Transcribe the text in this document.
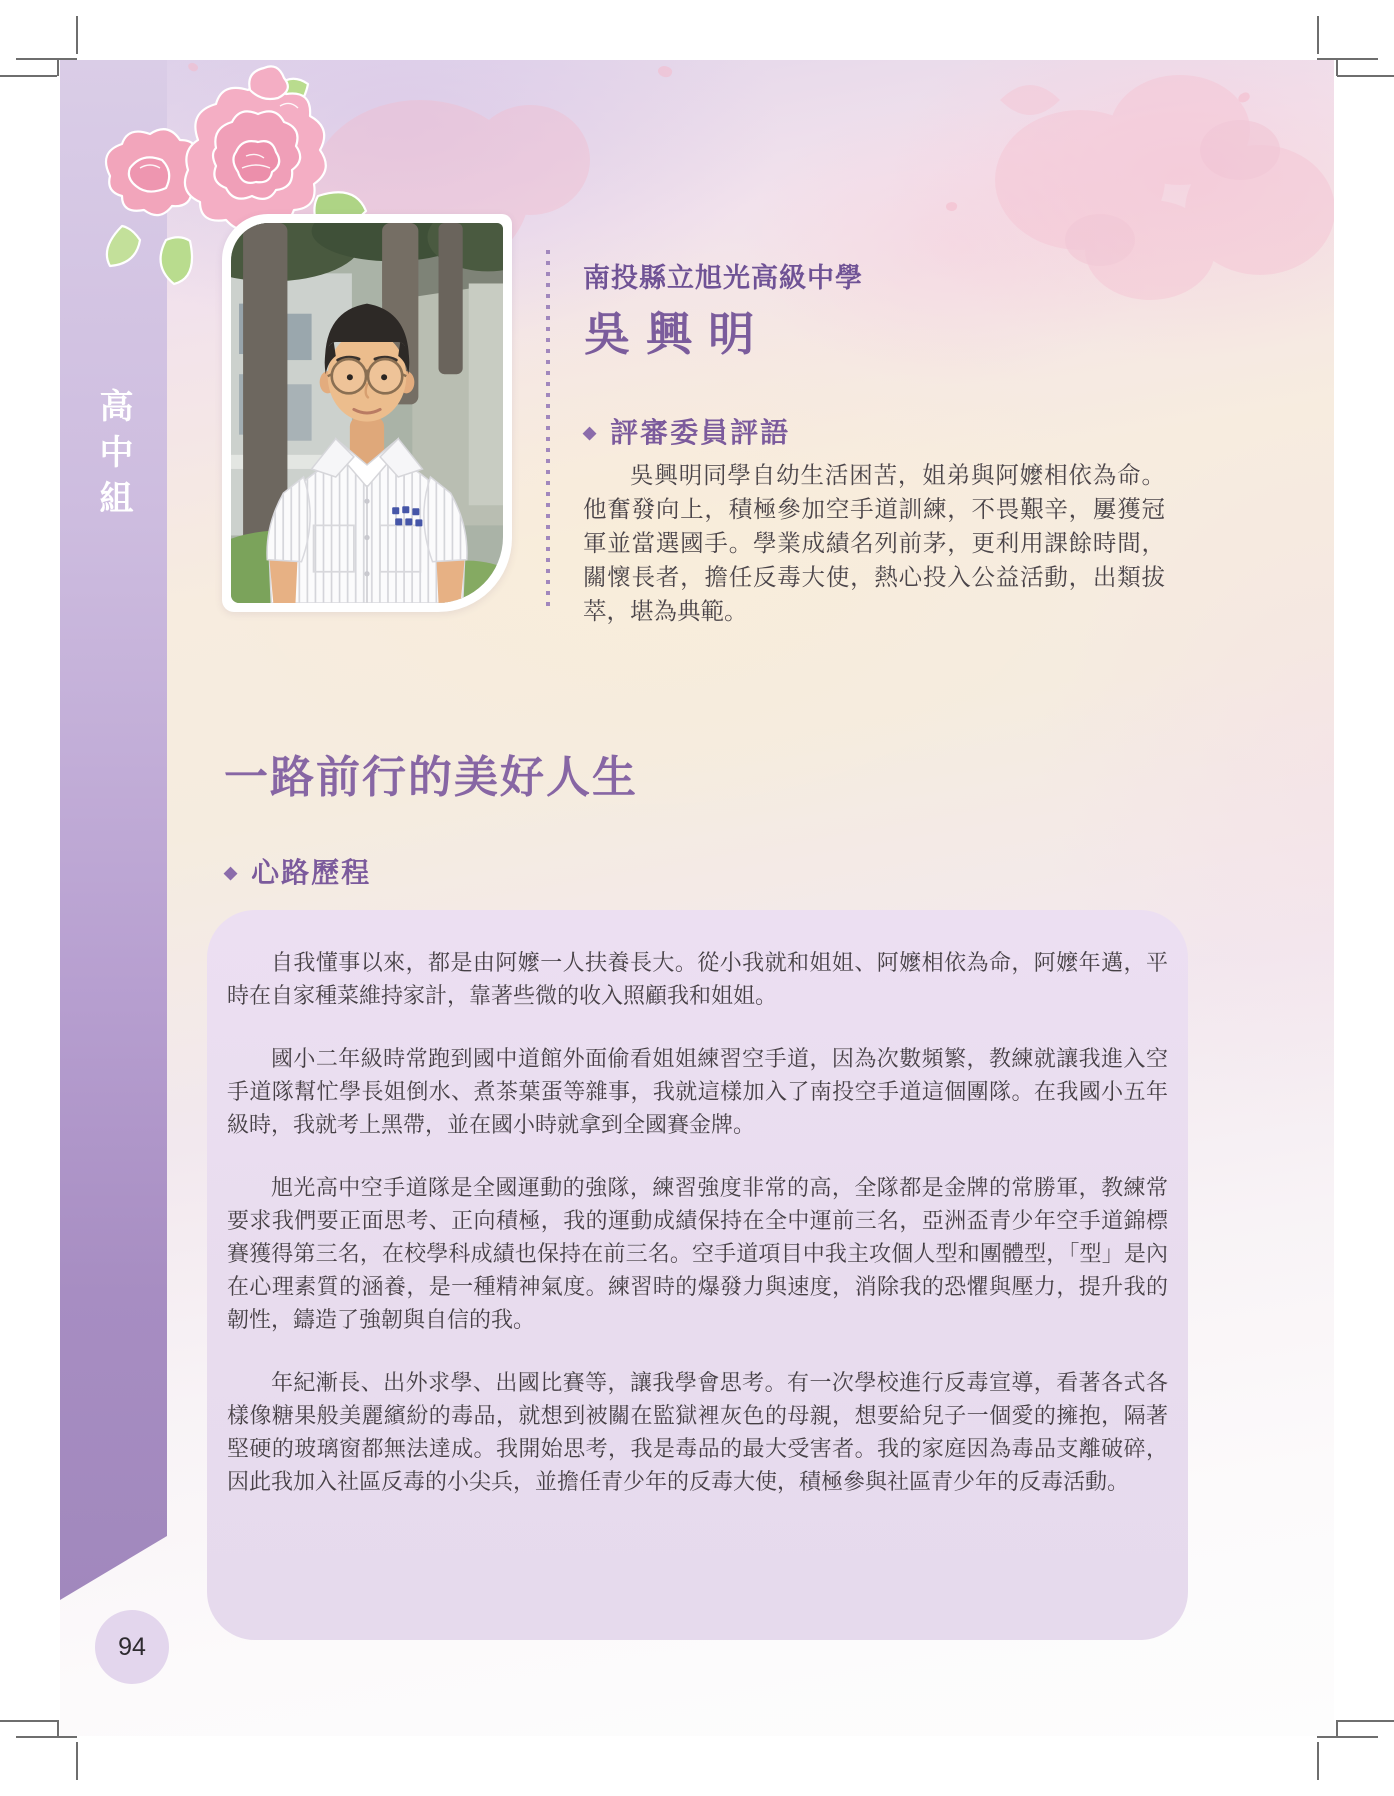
高中組
南投縣立旭光高級中學
吳興明
◆ 評審委員評語

吳興明同學自幼生活困苦，姐弟與阿嬤相依為命。他奮發向上，積極參加空手道訓練，不畏艱辛，屢獲冠軍並當選國手。學業成績名列前茅，更利用課餘時間，關懷長者，擔任反毒大使，熱心投入公益活動，出類拔萃，堪為典範。

一路前行的美好人生
◆ 心路歷程

自我懂事以來，都是由阿嬤一人扶養長大。從小我就和姐姐、阿嬤相依為命，阿嬤年邁，平時在自家種菜維持家計，靠著些微的收入照顧我和姐姐。

國小二年級時常跑到國中道館外面偷看姐姐練習空手道，因為次數頻繁，教練就讓我進入空手道隊幫忙學長姐倒水、煮茶葉蛋等雜事，我就這樣加入了南投空手道這個團隊。在我國小五年級時，我就考上黑帶，並在國小時就拿到全國賽金牌。

旭光高中空手道隊是全國運動的強隊，練習強度非常的高，全隊都是金牌的常勝軍，教練常要求我們要正面思考、正向積極，我的運動成績保持在全中運前三名，亞洲盃青少年空手道錦標賽獲得第三名，在校學科成績也保持在前三名。空手道項目中我主攻個人型和團體型，「型」是內在心理素質的涵養，是一種精神氣度。練習時的爆發力與速度，消除我的恐懼與壓力，提升我的韌性，鑄造了強韌與自信的我。

年紀漸長、出外求學、出國比賽等，讓我學會思考。有一次學校進行反毒宣導，看著各式各樣像糖果般美麗繽紛的毒品，就想到被關在監獄裡灰色的母親，想要給兒子一個愛的擁抱，隔著堅硬的玻璃窗都無法達成。我開始思考，我是毒品的最大受害者。我的家庭因為毒品支離破碎，因此我加入社區反毒的小尖兵，並擔任青少年的反毒大使，積極參與社區青少年的反毒活動。

94
